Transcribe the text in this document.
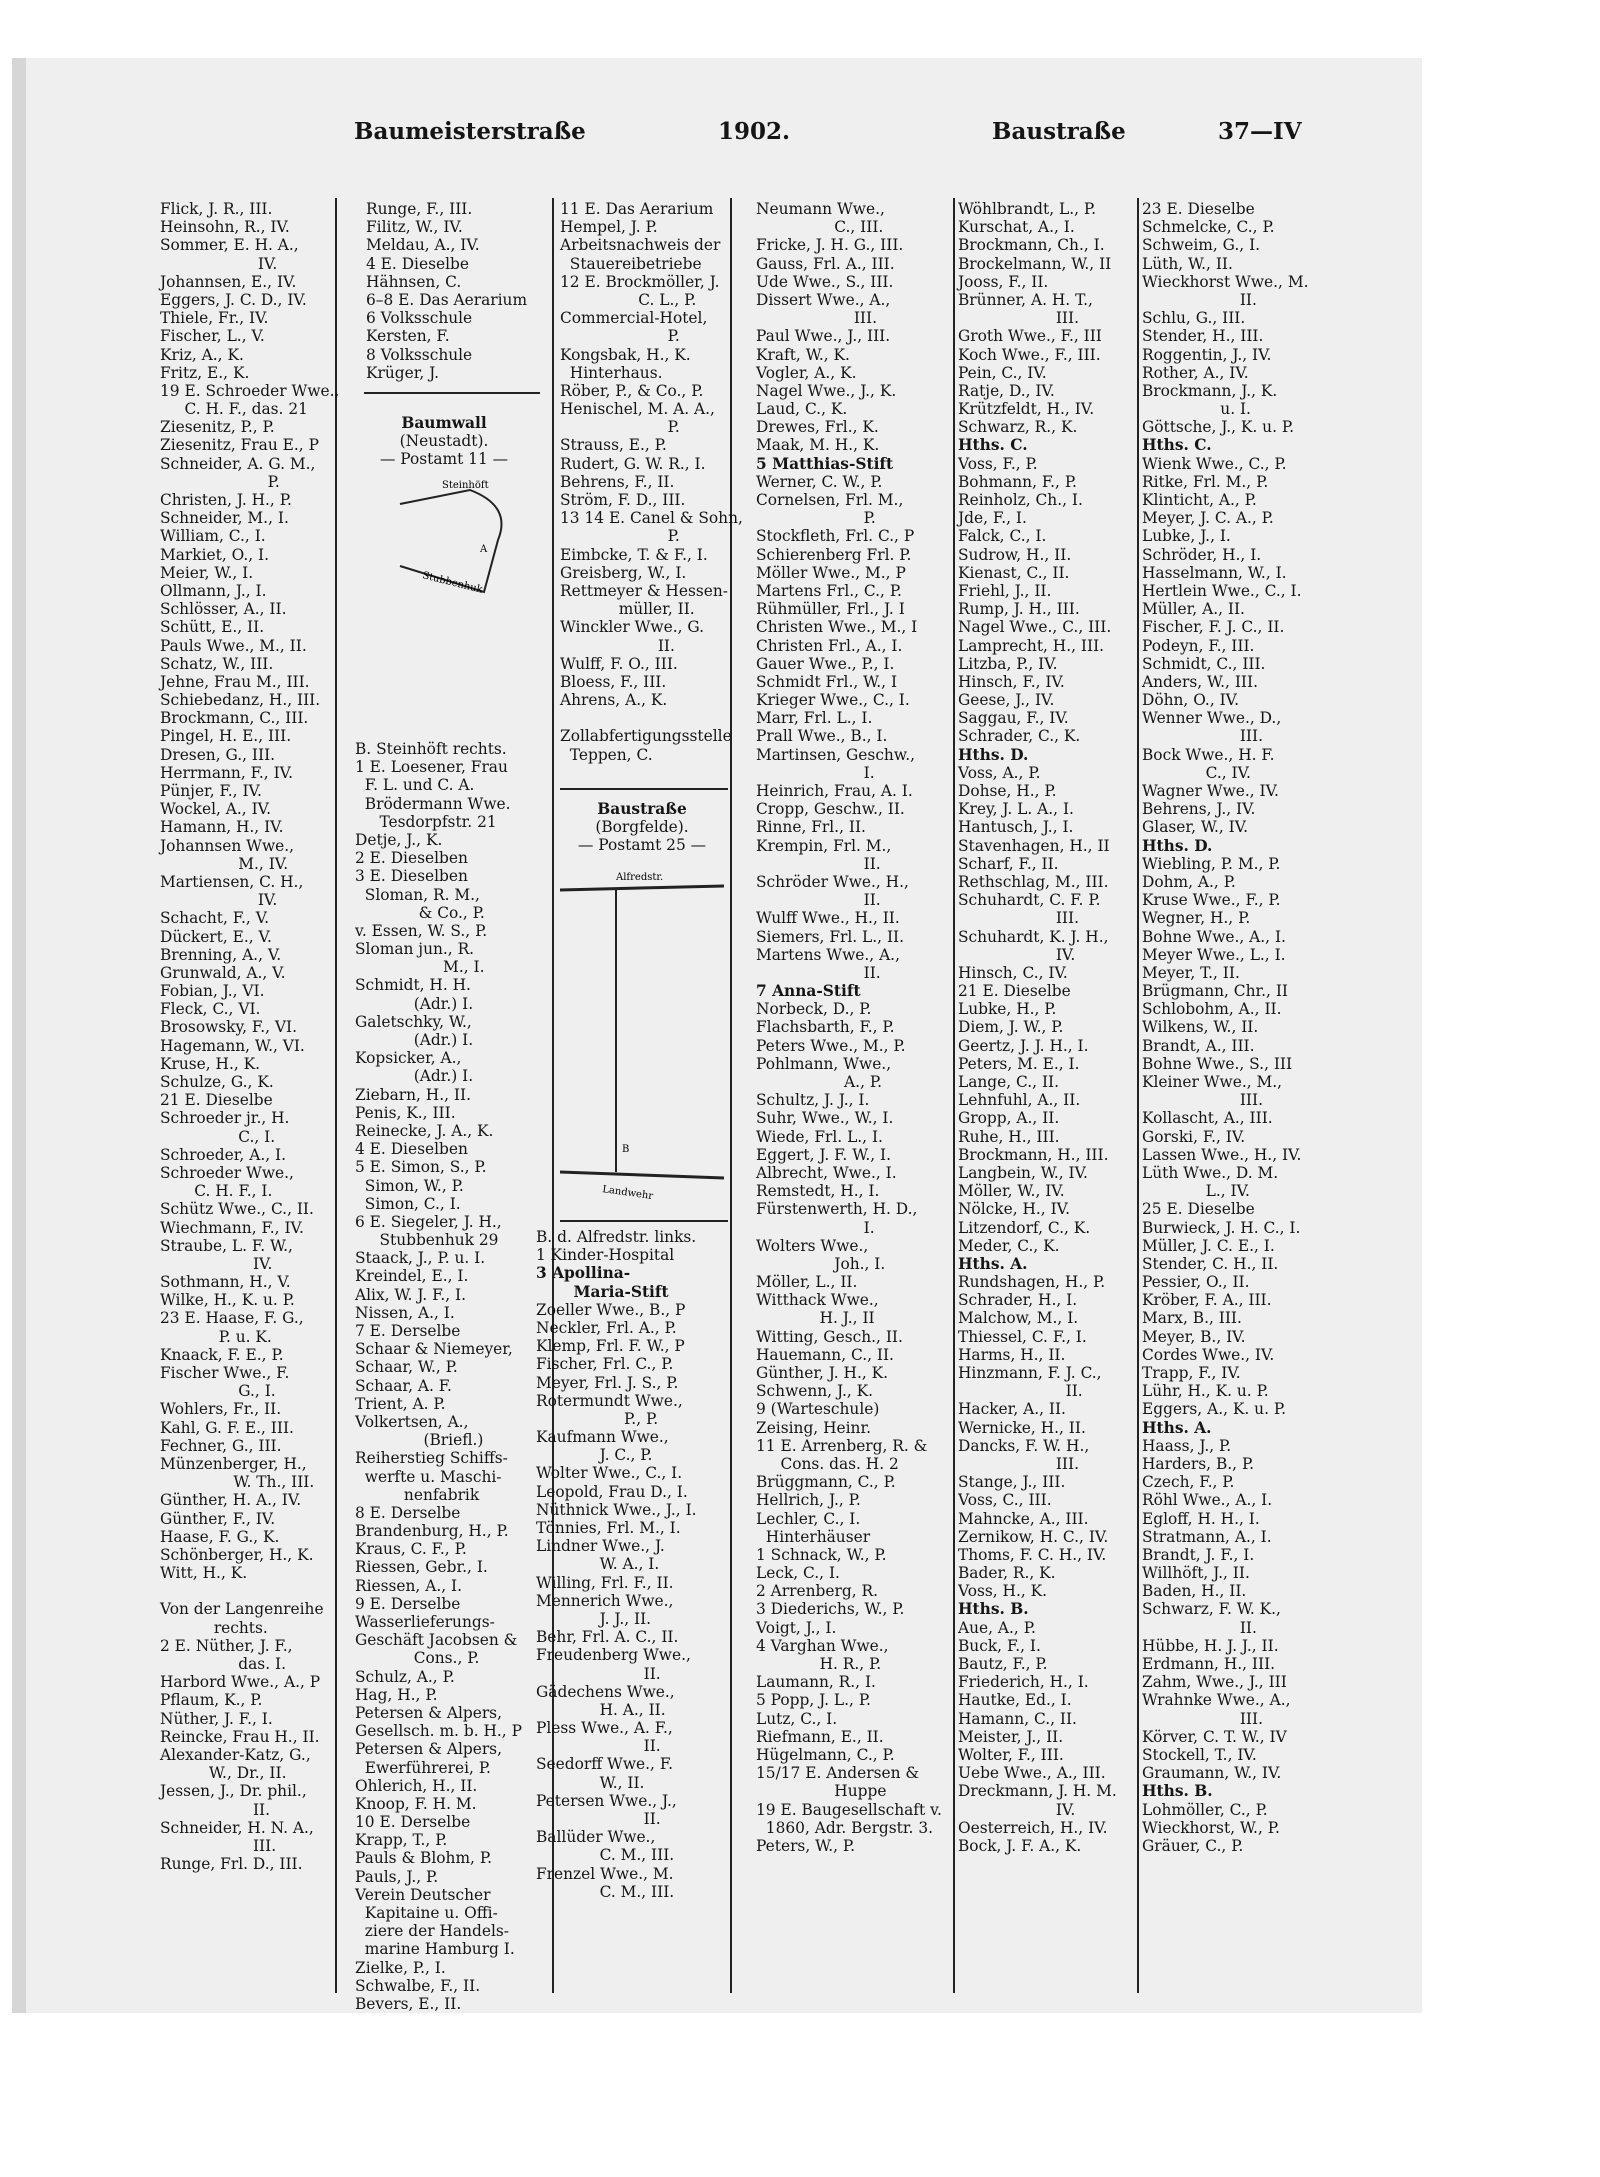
Baumeisterstraße	1902.	Baustraße	37—IV
Flick, J. R., III.
Heinsohn, R., IV.
Sommer, E. H. A.,
IV.
Johannsen, E., IV.
Eggers, J. C. D., IV.
Thiele, Fr., IV.
Fischer, L., V.
Kriz, A., K.
Fritz, E., K.
19 E. Schroeder Wwe.,
C. H. F., das. 21
Ziesenitz, P., P.
Ziesenitz, Frau E., P
Schneider, A. G. M.,
P.
Christen, J. H., P.
Schneider, M., I.
William, C., I.
Markiet, O., I.
Meier, W., I.
Ollmann, J., I.
Schlösser, A., II.
Schütt, E., II.
Pauls Wwe., M., II.
Schatz, W., III.
Jehne, Frau M., III.
Schiebedanz, H., III.
Brockmann, C., III.
Pingel, H. E., III.
Dresen, G., III.
Herrmann, F., IV.
Pünjer, F., IV.
Wockel, A., IV.
Hamann, H., IV.
Johannsen Wwe.,
M., IV.
Martiensen, C. H.,
IV.
Schacht, F., V.
Dückert, E., V.
Brenning, A., V.
Grunwald, A., V.
Fobian, J., VI.
Fleck, C., VI.
Brosowsky, F., VI.
Hagemann, W., VI.
Kruse, H., K.
Schulze, G., K.
21 E. Dieselbe
Schroeder jr., H.
C., I.
Schroeder, A., I.
Schroeder Wwe.,
C. H. F., I.
Schütz Wwe., C., II.
Wiechmann, F., IV.
Straube, L. F. W.,
IV.
Sothmann, H., V.
Wilke, H., K. u. P.
23 E. Haase, F. G.,
P. u. K.
Knaack, F. E., P.
Fischer Wwe., F.
G., I.
Wohlers, Fr., II.
Kahl, G. F. E., III.
Fechner, G., III.
Münzenberger, H.,
W. Th., III.
Günther, H. A., IV.
Günther, F., IV.
Haase, F. G., K.
Schönberger, H., K.
Witt, H., K.
Von der Langenreihe
rechts.
2 E. Nüther, J. F.,
das. I.
Harbord Wwe., A., P
Pflaum, K., P.
Nüther, J. F., I.
Reincke, Frau H., II.
Alexander-Katz, G.,
W., Dr., II.
Jessen, J., Dr. phil.,
II.
Schneider, H. N. A.,
III.
Runge, Frl. D., III.
Runge, F., III.
Filitz, W., IV.
Meldau, A., IV.
4 E. Dieselbe
Hähnsen, C.
6–8 E. Das Aerarium
6 Volksschule
Kersten, F.
8 Volksschule
Krüger, J.
B. Steinhöft rechts.
1 E. Loesener, Frau
F. L. und C. A.
Brödermann Wwe.
Tesdorpfstr. 21
Detje, J., K.
2 E. Dieselben
3 E. Dieselben
Sloman, R. M.,
& Co., P.
v. Essen, W. S., P.
Sloman jun., R.
M., I.
Schmidt, H. H.
(Adr.) I.
Galetschky, W.,
(Adr.) I.
Kopsicker, A.,
(Adr.) I.
Ziebarn, H., II.
Penis, K., III.
Reinecke, J. A., K.
4 E. Dieselben
5 E. Simon, S., P.
Simon, W., P.
Simon, C., I.
6 E. Siegeler, J. H.,
Stubbenhuk 29
Staack, J., P. u. I.
Kreindel, E., I.
Alix, W. J. F., I.
Nissen, A., I.
7 E. Derselbe
Schaar & Niemeyer,
Schaar, W., P.
Schaar, A. F.
Trient, A. P.
Volkertsen, A.,
(Briefl.)
Reiherstieg Schiffs-
werfte u. Maschi-
nenfabrik
8 E. Derselbe
Brandenburg, H., P.
Kraus, C. F., P.
Riessen, Gebr., I.
Riessen, A., I.
9 E. Derselbe
Wasserlieferungs-
Geschäft Jacobsen &
Cons., P.
Schulz, A., P.
Hag, H., P.
Petersen & Alpers,
Gesellsch. m. b. H., P
Petersen & Alpers,
Ewerführerei, P.
Ohlerich, H., II.
Knoop, F. H. M.
10 E. Derselbe
Krapp, T., P.
Pauls & Blohm, P.
Pauls, J., P.
Verein Deutscher
Kapitaine u. Offi-
ziere der Handels-
marine Hamburg I.
Zielke, P., I.
Schwalbe, F., II.
Bevers, E., II.
11 E. Das Aerarium
Hempel, J. P.
Arbeitsnachweis der
Stauereibetriebe
12 E. Brockmöller, J.
C. L., P.
Commercial-Hotel,
P.
Kongsbak, H., K.
Hinterhaus.
Röber, P., & Co., P.
Henischel, M. A. A.,
P.
Strauss, E., P.
Rudert, G. W. R., I.
Behrens, F., II.
Ström, F. D., III.
13 14 E. Canel & Sohn,
P.
Eimbcke, T. & F., I.
Greisberg, W., I.
Rettmeyer & Hessen-
müller, II.
Winckler Wwe., G.
II.
Wulff, F. O., III.
Bloess, F., III.
Ahrens, A., K.
Zollabfertigungsstelle
Teppen, C.
B. d. Alfredstr. links.
1 Kinder-Hospital
3 Apollina-
Maria-Stift
Zoeller Wwe., B., P
Neckler, Frl. A., P.
Klemp, Frl. F. W., P
Fischer, Frl. C., P.
Meyer, Frl. J. S., P.
Rotermundt Wwe.,
P., P.
Kaufmann Wwe.,
J. C., P.
Wolter Wwe., C., I.
Leopold, Frau D., I.
Nüthnick Wwe., J., I.
Tönnies, Frl. M., I.
Lindner Wwe., J.
W. A., I.
Willing, Frl. F., II.
Mennerich Wwe.,
J. J., II.
Behr, Frl. A. C., II.
Freudenberg Wwe.,
II.
Gädechens Wwe.,
H. A., II.
Pless Wwe., A. F.,
II.
Seedorff Wwe., F.
W., II.
Petersen Wwe., J.,
II.
Ballüder Wwe.,
C. M., III.
Frenzel Wwe., M.
C. M., III.
Neumann Wwe.,
C., III.
Fricke, J. H. G., III.
Gauss, Frl. A., III.
Ude Wwe., S., III.
Dissert Wwe., A.,
III.
Paul Wwe., J., III.
Kraft, W., K.
Vogler, A., K.
Nagel Wwe., J., K.
Laud, C., K.
Drewes, Frl., K.
Maak, M. H., K.
5 Matthias-Stift
Werner, C. W., P.
Cornelsen, Frl. M.,
P.
Stockfleth, Frl. C., P
Schierenberg Frl. P.
Möller Wwe., M., P
Martens Frl., C., P.
Rühmüller, Frl., J. I
Christen Wwe., M., I
Christen Frl., A., I.
Gauer Wwe., P., I.
Schmidt Frl., W., I
Krieger Wwe., C., I.
Marr, Frl. L., I.
Prall Wwe., B., I.
Martinsen, Geschw.,
I.
Heinrich, Frau, A. I.
Cropp, Geschw., II.
Rinne, Frl., II.
Krempin, Frl. M.,
II.
Schröder Wwe., H.,
II.
Wulff Wwe., H., II.
Siemers, Frl. L., II.
Martens Wwe., A.,
II.
7 Anna-Stift
Norbeck, D., P.
Flachsbarth, F., P.
Peters Wwe., M., P.
Pohlmann, Wwe.,
A., P.
Schultz, J. J., I.
Suhr, Wwe., W., I.
Wiede, Frl. L., I.
Eggert, J. F. W., I.
Albrecht, Wwe., I.
Remstedt, H., I.
Fürstenwerth, H. D.,
I.
Wolters Wwe.,
Joh., I.
Möller, L., II.
Witthack Wwe.,
H. J., II
Witting, Gesch., II.
Hauemann, C., II.
Günther, J. H., K.
Schwenn, J., K.
9 (Warteschule)
Zeising, Heinr.
11 E. Arrenberg, R. &
Cons. das. H. 2
Brüggmann, C., P.
Hellrich, J., P.
Lechler, C., I.
Hinterhäuser
1 Schnack, W., P.
Leck, C., I.
2 Arrenberg, R.
3 Diederichs, W., P.
Voigt, J., I.
4 Varghan Wwe.,
H. R., P.
Laumann, R., I.
5 Popp, J. L., P.
Lutz, C., I.
Riefmann, E., II.
Hügelmann, C., P.
15/17 E. Andersen &
Huppe
19 E. Baugesellschaft v.
1860, Adr. Bergstr. 3.
Peters, W., P.
Wöhlbrandt, L., P.
Kurschat, A., I.
Brockmann, Ch., I.
Brockelmann, W., II
Jooss, F., II.
Brünner, A. H. T.,
III.
Groth Wwe., F., III
Koch Wwe., F., III.
Pein, C., IV.
Ratje, D., IV.
Krützfeldt, H., IV.
Schwarz, R., K.
Hths. C.
Voss, F., P.
Bohmann, F., P.
Reinholz, Ch., I.
Jde, F., I.
Falck, C., I.
Sudrow, H., II.
Kienast, C., II.
Friehl, J., II.
Rump, J. H., III.
Nagel Wwe., C., III.
Lamprecht, H., III.
Litzba, P., IV.
Hinsch, F., IV.
Geese, J., IV.
Saggau, F., IV.
Schrader, C., K.
Hths. D.
Voss, A., P.
Dohse, H., P.
Krey, J. L. A., I.
Hantusch, J., I.
Stavenhagen, H., II
Scharf, F., II.
Rethschlag, M., III.
Schuhardt, C. F. P.
III.
Schuhardt, K. J. H.,
IV.
Hinsch, C., IV.
21 E. Dieselbe
Lubke, H., P.
Diem, J. W., P.
Geertz, J. J. H., I.
Peters, M. E., I.
Lange, C., II.
Lehnfuhl, A., II.
Gropp, A., II.
Ruhe, H., III.
Brockmann, H., III.
Langbein, W., IV.
Möller, W., IV.
Nölcke, H., IV.
Litzendorf, C., K.
Meder, C., K.
Hths. A.
Rundshagen, H., P.
Schrader, H., I.
Malchow, M., I.
Thiessel, C. F., I.
Harms, H., II.
Hinzmann, F. J. C.,
II.
Hacker, A., II.
Wernicke, H., II.
Dancks, F. W. H.,
III.
Stange, J., III.
Voss, C., III.
Mahncke, A., III.
Zernikow, H. C., IV.
Thoms, F. C. H., IV.
Bader, R., K.
Voss, H., K.
Hths. B.
Aue, A., P.
Buck, F., I.
Bautz, F., P.
Friederich, H., I.
Hautke, Ed., I.
Hamann, C., II.
Meister, J., II.
Wolter, F., III.
Uebe Wwe., A., III.
Dreckmann, J. H. M.
IV.
Oesterreich, H., IV.
Bock, J. F. A., K.
23 E. Dieselbe
Schmelcke, C., P.
Schweim, G., I.
Lüth, W., II.
Wieckhorst Wwe., M.
II.
Schlu, G., III.
Stender, H., III.
Roggentin, J., IV.
Rother, A., IV.
Brockmann, J., K.
u. I.
Göttsche, J., K. u. P.
Hths. C.
Wienk Wwe., C., P.
Ritke, Frl. M., P.
Klinticht, A., P.
Meyer, J. C. A., P.
Lubke, J., I.
Schröder, H., I.
Hasselmann, W., I.
Hertlein Wwe., C., I.
Müller, A., II.
Fischer, F. J. C., II.
Podeyn, F., III.
Schmidt, C., III.
Anders, W., III.
Döhn, O., IV.
Wenner Wwe., D.,
III.
Bock Wwe., H. F.
C., IV.
Wagner Wwe., IV.
Behrens, J., IV.
Glaser, W., IV.
Hths. D.
Wiebling, P. M., P.
Dohm, A., P.
Kruse Wwe., F., P.
Wegner, H., P.
Bohne Wwe., A., I.
Meyer Wwe., L., I.
Meyer, T., II.
Brügmann, Chr., II
Schlobohm, A., II.
Wilkens, W., II.
Brandt, A., III.
Bohne Wwe., S., III
Kleiner Wwe., M.,
III.
Kollascht, A., III.
Gorski, F., IV.
Lassen Wwe., H., IV.
Lüth Wwe., D. M.
L., IV.
25 E. Dieselbe
Burwieck, J. H. C., I.
Müller, J. C. E., I.
Stender, C. H., II.
Pessier, O., II.
Kröber, F. A., III.
Marx, B., III.
Meyer, B., IV.
Cordes Wwe., IV.
Trapp, F., IV.
Lühr, H., K. u. P.
Eggers, A., K. u. P.
Hths. A.
Haass, J., P.
Harders, B., P.
Czech, F., P.
Röhl Wwe., A., I.
Egloff, H. H., I.
Stratmann, A., I.
Brandt, J. F., I.
Willhöft, J., II.
Baden, H., II.
Schwarz, F. W. K.,
II.
Hübbe, H. J. J., II.
Erdmann, H., III.
Zahm, Wwe., J., III
Wrahnke Wwe., A.,
III.
Körver, C. T. W., IV
Stockell, T., IV.
Graumann, W., IV.
Hths. B.
Lohmöller, C., P.
Wieckhorst, W., P.
Gräuer, C., P.
Baumwall
(Neustadt).
— Postamt 11 —
Steinhöft
Stubbenhuk
A
Baustraße
(Borgfelde).
— Postamt 25 —
Alfredstr.
Landwehr
B
